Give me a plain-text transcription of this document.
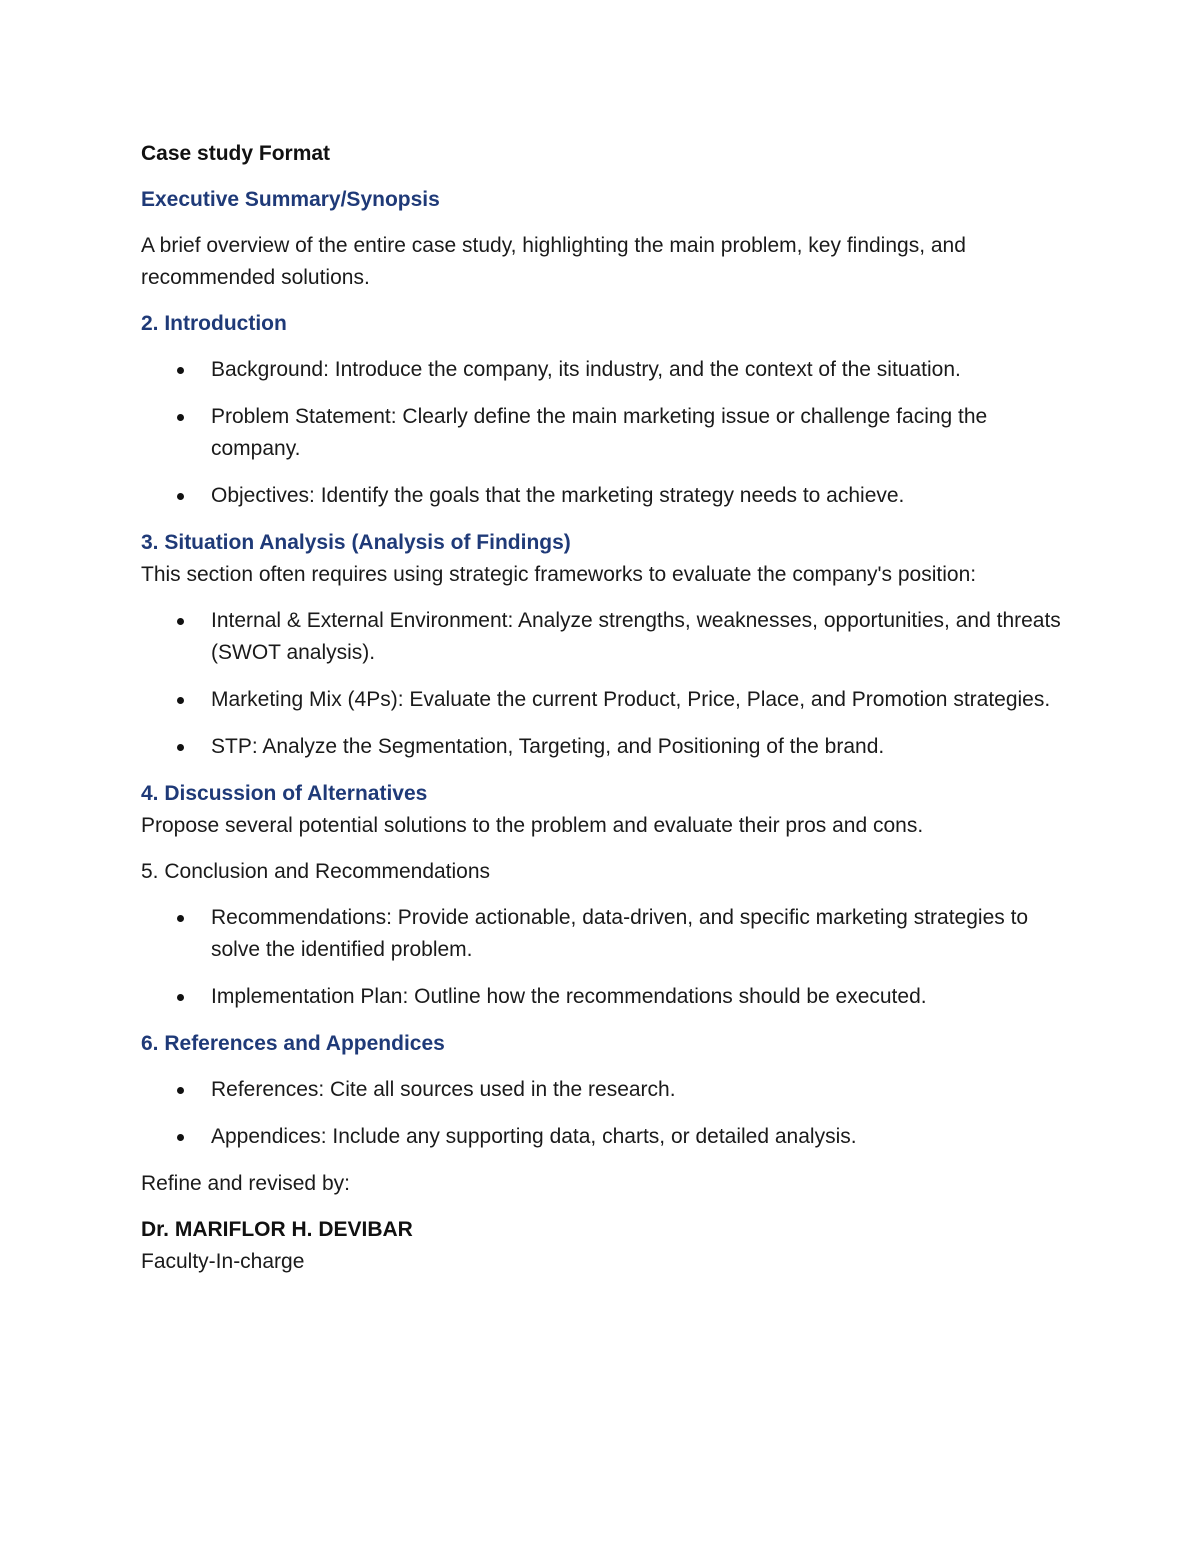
Case study Format
Executive Summary/Synopsis
A brief overview of the entire case study, highlighting the main problem, key findings, and recommended solutions.
2. Introduction
Background: Introduce the company, its industry, and the context of the situation.
Problem Statement: Clearly define the main marketing issue or challenge facing the company.
Objectives: Identify the goals that the marketing strategy needs to achieve.
3. Situation Analysis (Analysis of Findings)
This section often requires using strategic frameworks to evaluate the company's position:
Internal & External Environment: Analyze strengths, weaknesses, opportunities, and threats (SWOT analysis).
Marketing Mix (4Ps): Evaluate the current Product, Price, Place, and Promotion strategies.
STP: Analyze the Segmentation, Targeting, and Positioning of the brand.
4. Discussion of Alternatives
Propose several potential solutions to the problem and evaluate their pros and cons.
5. Conclusion and Recommendations
Recommendations: Provide actionable, data-driven, and specific marketing strategies to solve the identified problem.
Implementation Plan: Outline how the recommendations should be executed.
6. References and Appendices
References: Cite all sources used in the research.
Appendices: Include any supporting data, charts, or detailed analysis.
Refine and revised by:
Dr. MARIFLOR H. DEVIBAR
Faculty-In-charge
